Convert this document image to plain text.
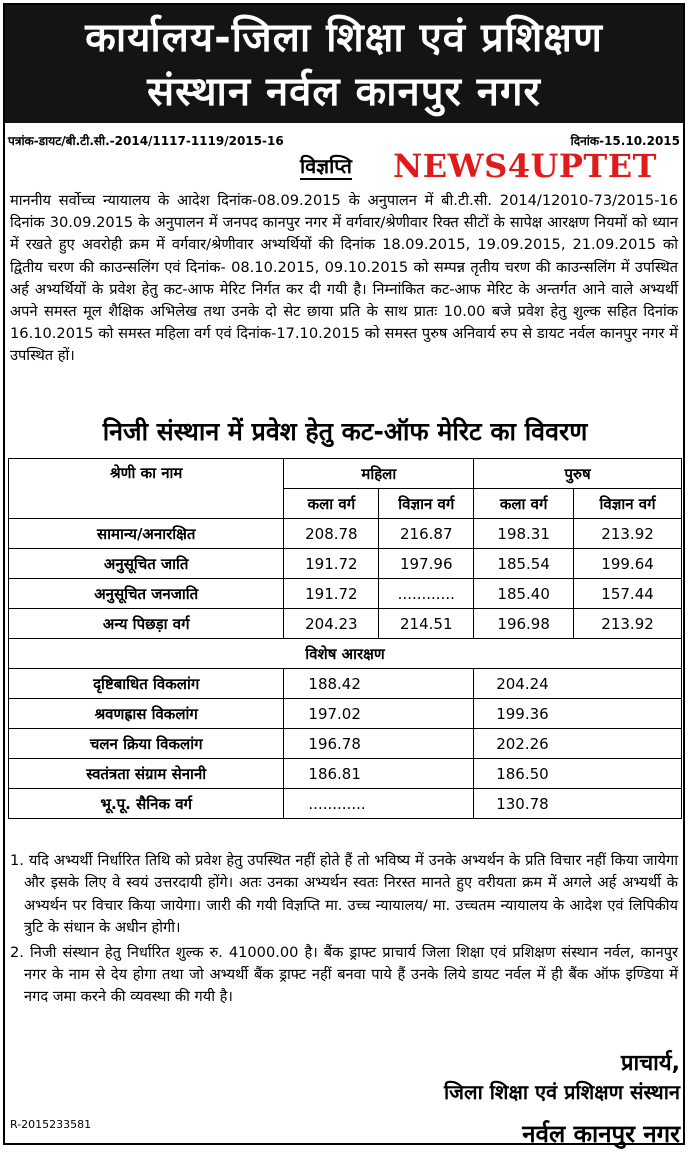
कार्यालय-जिला शिक्षा एवं प्रशिक्षण
संस्थान नर्वल कानपुर नगर
पत्रांक-डायट/बी.टी.सी.-2014/1117-1119/2015-16	दिनांक-15.10.2015
विज्ञप्ति NEWS4UPTET
माननीय सर्वोच्च न्यायालय के आदेश दिनांक-08.09.2015 के अनुपालन में बी.टी.सी. 2014/12010-73/2015-16 दिनांक 30.09.2015 के अनुपालन में जनपद कानपुर नगर में वर्गवार/श्रेणीवार रिक्त सीटों के सापेक्ष आरक्षण नियमों को ध्यान में रखते हुए अवरोही क्रम में वर्गवार/श्रेणीवार अभ्यर्थियों की दिनांक 18.09.2015, 19.09.2015, 21.09.2015 को द्वितीय चरण की काउन्सलिंग एवं दिनांक- 08.10.2015, 09.10.2015 को सम्पन्न तृतीय चरण की काउन्सलिंग में उपस्थित अर्ह अभ्यर्थियों के प्रवेश हेतु कट-आफ मेरिट निर्गत कर दी गयी है। निम्नांकित कट-आफ मेरिट के अन्तर्गत आने वाले अभ्यर्थी अपने समस्त मूल शैक्षिक अभिलेख तथा उनके दो सेट छाया प्रति के साथ प्रातः 10.00 बजे प्रवेश हेतु शुल्क सहित दिनांक 16.10.2015 को समस्त महिला वर्ग एवं दिनांक-17.10.2015 को समस्त पुरुष अनिवार्य रुप से डायट नर्वल कानपुर नगर में उपस्थित हों।
निजी संस्थान में प्रवेश हेतु कट-ऑफ मेरिट का विवरण
श्रेणी का नाम	महिला		पुरुष	
	कला वर्ग	विज्ञान वर्ग	कला वर्ग	विज्ञान वर्ग
सामान्य/अनारक्षित	208.78	216.87	198.31	213.92
अनुसूचित जाति	191.72	197.96	185.54	199.64
अनुसूचित जनजाति	191.72	............	185.40	157.44
अन्य पिछड़ा वर्ग	204.23	214.51	196.98	213.92
विशेष आरक्षण				
दृष्टिबाधित विकलांग	188.42		204.24	
श्रवणह्रास विकलांग	197.02		199.36	
चलन क्रिया विकलांग	196.78		202.26	
स्वतंत्रता संग्राम सेनानी	186.81		186.50	
भू.पू. सैनिक वर्ग	............		130.78	
1. यदि अभ्यर्थी निर्धारित तिथि को प्रवेश हेतु उपस्थित नहीं होते हैं तो भविष्य में उनके अभ्यर्थन के प्रति विचार नहीं किया जायेगा और इसके लिए वे स्वयं उत्तरदायी होंगे। अतः उनका अभ्यर्थन स्वतः निरस्त मानते हुए वरीयता क्रम में अगले अर्ह अभ्यर्थी के अभ्यर्थन पर विचार किया जायेगा। जारी की गयी विज्ञप्ति मा. उच्च न्यायालय/ मा. उच्चतम न्यायालय के आदेश एवं लिपिकीय त्रुटि के संधान के अधीन होगी।
2. निजी संस्थान हेतु निर्धारित शुल्क रु. 41000.00 है। बैंक ड्राफ्ट प्राचार्य जिला शिक्षा एवं प्रशिक्षण संस्थान नर्वल, कानपुर नगर के नाम से देय होगा तथा जो अभ्यर्थी बैंक ड्राफ्ट नहीं बनवा पाये हैं उनके लिये डायट नर्वल में ही बैंक ऑफ इण्डिया में नगद जमा करने की व्यवस्था की गयी है।
प्राचार्य,
जिला शिक्षा एवं प्रशिक्षण संस्थान
नर्वल कानपुर नगर
R-2015233581
